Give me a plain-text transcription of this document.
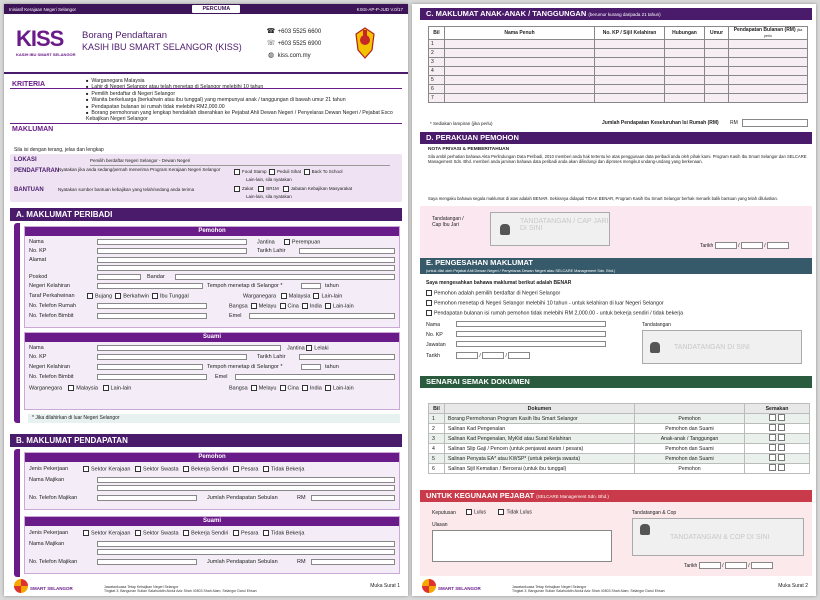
Inisiatif Kerajaan Negeri Selangor	PERCUMA	KISS-AP-P-JUD V.0/17
KISS
KASIH IBU SMART SELANGOR
Borang Pendaftaran
KASIH IBU SMART SELANGOR (KISS)
☎ +603 5525 6600
☏ +603 5525 6900
◍ kiss.com.my
KRITERIA
MAKLUMAN
■ Warganegara Malaysia
■
■ Pemilih berdaftar di Negeri Selangor
■ Wanita berkeluarga (berkahwin atau ibu tunggal) yang mempunyai anak / tanggungan di bawah umur 21 tahun
■ Pendapatan bulanan isi rumah tidak melebihi RM2,000.00
■ Borang permohonan yang lengkap hendaklah diserahkan ke Pejabat Ahli Dewan Negeri / Penyelaras Dewan Negeri / Pejabat Exco Kebajikan Negeri Selangor
Sila isi dengan terang, jelas dan lengkap
LOKASI	Pemilih berdaftar Negeri Selangor - Dewan Negeri
PENDAFTARAN
Nyatakan jika anda sedang/pernah menerima Program Kerajaan Negeri Selangor	Food Stamp Peduli Sihat Back To School
Lain-lain, sila nyatakan
BANTUAN	Nyatakan sumber bantuan kebajikan yang telah/sedang anda terima	Zakat	BR1M	Jabatan Kebajikan Masyarakat
Lain-lain, sila nyatakan
A. MAKLUMAT PERIBADI
Pemohon
Nama	Jantina	Perempuan
No. KP	Tarikh Lahir
Alamat
Poskod	Bandar
Negeri Kelahiran	Tempoh menetap di Selangor *	tahun
Taraf Perkahwinan	Bujang Berkahwin Ibu Tunggal	Warganegara Malaysia Lain-lain
No. Telefon Rumah	Bangsa Melayu Cina India Lain-lain
No. Telefon Bimbit	Emel
Suami
Nama	Jantina Lelaki
No. KP	Tarikh Lahir
Negeri Kelahiran	Tempoh menetap di Selangor *	tahun
No. Telefon Bimbit	Emel
Warganegara	Malaysia Lain-lain	Bangsa Melayu Cina India Lain-lain
* Jika dilahirkan di luar Negeri Selangor
B. MAKLUMAT PENDAPATAN
Pemohon
Jenis Pekerjaan	Sektor Kerajaan Sektor Swasta Bekerja Sendiri Pesara Tidak Bekerja
Nama Majikan
No. Telefon Majikan	Jumlah Pendapatan Sebulan	RM
Suami
Jenis Pekerjaan	Sektor Kerajaan Sektor Swasta Bekerja Sendiri Pesara Tidak Bekerja
Nama Majikan
No. Telefon Majikan	Jumlah Pendapatan Sebulan	RM
SMART SELANGOR	Jawatankuasa Tetap Kebajikan Negeri Selangor
Tingkat 3, Bangunan Sultan Salahuddin Abdul Aziz Shah 40503 Shah Alam, Selangor Darul Ehsan
Muka Surat 1
C. MAKLUMAT ANAK-ANAK / TANGGUNGAN (berumur kurang daripada 21 tahun)
Bil	Nama Penuh	No. KP / Sijil Kelahiran	Hubungan	Umur	Pendapatan Bulanan (RM) jika perlu
1					
2					
3					
4					
5					
6					
7					
* Sediakan lampiran (jika perlu)	Jumlah Pendapatan Keseluruhan Isi Rumah (RM) RM
D. PERAKUAN PEMOHON
NOTA PRIVASI & PEMBERITAHUAN
Sila ambil perhatian bahawa Akta Perlindungan Data Peribadi, 2010 memberi anda hak tertentu ke atas penggunaan data peribadi anda oleh pihak kami. Program Kasih Ibu Smart Selangor dan SELCARE Management Sdn. Bhd. memberi anda jaminan bahawa data peribadi anda akan dilindungi dan diproses mengikut undang-undang yang berkenaan.
Saya mengaku bahawa segala maklumat di atas adalah BENAR. Sekiranya didapati TIDAK BENAR, Program Kasih Ibu Smart Selangor berhak menarik balik bantuan yang telah diluluskan.
Tandatangan / Cap Ibu Jari	TANDATANGAN / CAP JARI DI SINI
Tarikh	/	/
E. PENGESAHAN MAKLUMAT
(untuk diisi oleh Pejabat Ahli Dewan Negeri / Penyelaras Dewan Negeri atau SELCARE Management Sdn. Bhd.)
Saya mengesahkan bahawa maklumat berikut adalah BENAR
Pemohon adalah pemilih berdaftar di Negeri Selangor
Pemohon menetap di Negeri Selangor melebihi 10 tahun - untuk kelahiran di luar Negeri Selangor
Pendapatan bulanan isi rumah pemohon tidak melebihi RM 2,000.00 - untuk bekerja sendiri / tidak bekerja
Nama
No. KP
Jawatan
Tarikh	/	/
Tandatangan
TANDATANGAN DI SINI
SENARAI SEMAK DOKUMEN
Bil	Dokumen		Semakan
1	Borang Permohonan Program Kasih Ibu Smart Selangor	Pemohon	
2	Salinan Kad Pengenalan	Pemohon dan Suami	
3	Salinan Kad Pengenalan, MyKid atau Surat Kelahiran	Anak-anak / Tanggungan	
4	Salinan Slip Gaji / Pencen (untuk penjawat awam / pesara)	Pemohon dan Suami	
5	Salinan Penyata EA* atau KWSP* (untuk pekerja swasta)	Pemohon dan Suami	
6	Salinan Sijil Kematian / Bercerai (untuk ibu tunggal)	Pemohon	
UNTUK KEGUNAAN PEJABAT (SELCARE Management Sdn. Bhd.)
Keputusan	Lulus	Tidak Lulus
Ulasan
Tandatangan & Cop
TANDATANGAN & COP DI SINI
Tarikh	/	/
SMART SELANGOR	Jawatankuasa Tetap Kebajikan Negeri Selangor
Tingkat 3, Bangunan Sultan Salahuddin Abdul Aziz Shah 40503 Shah Alam, Selangor Darul Ehsan
Muka Surat 2
